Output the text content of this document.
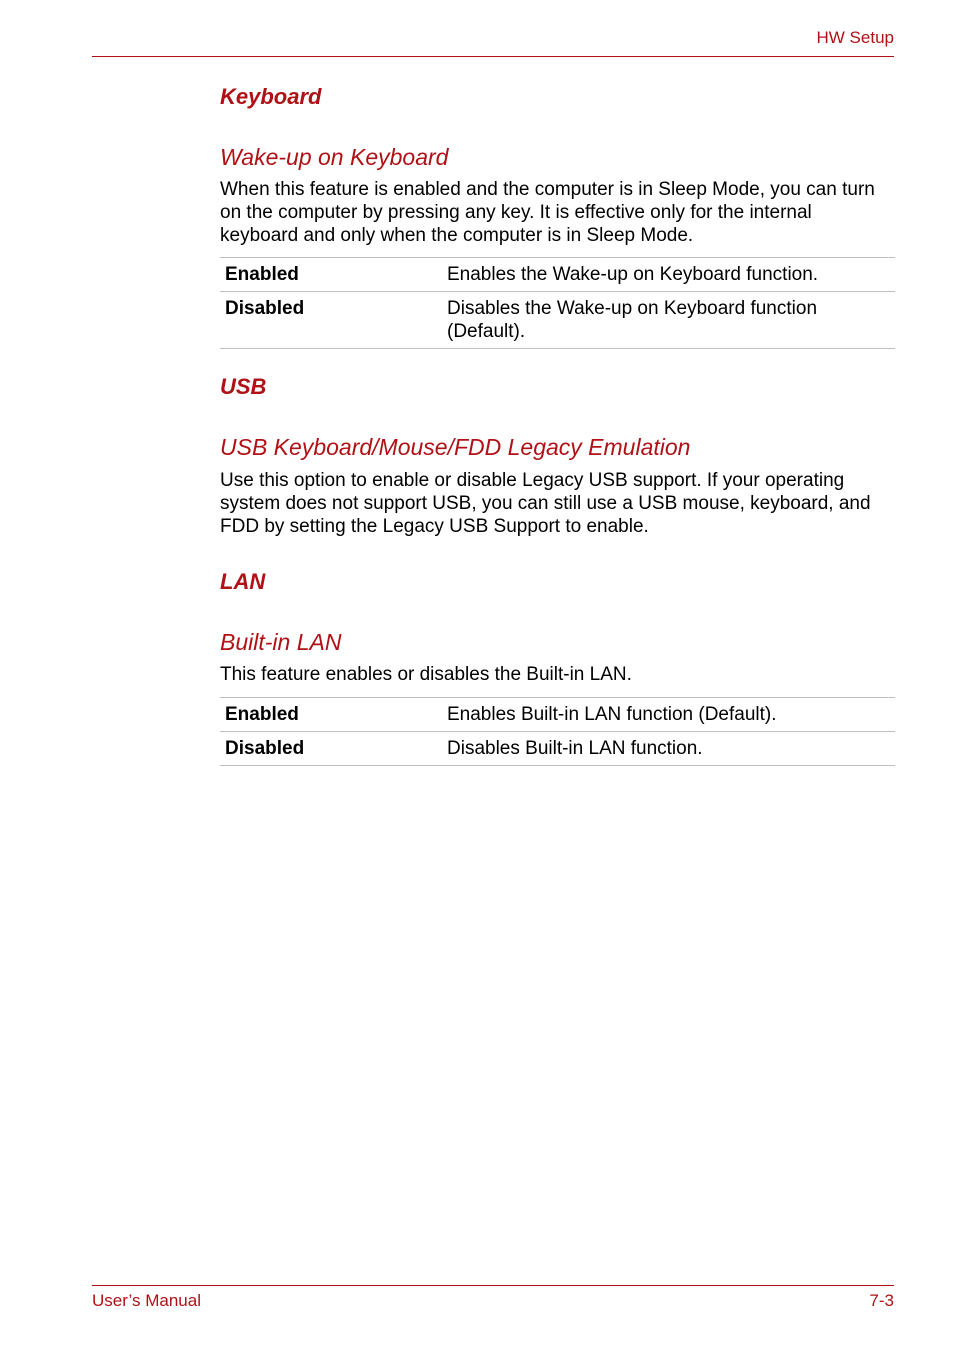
HW Setup
Keyboard
Wake-up on Keyboard
When this feature is enabled and the computer is in Sleep Mode, you can turn on the computer by pressing any key. It is effective only for the internal keyboard and only when the computer is in Sleep Mode.
Enabled	Enables the Wake-up on Keyboard function.
Disabled	Disables the Wake-up on Keyboard function (Default).
USB
USB Keyboard/Mouse/FDD Legacy Emulation
Use this option to enable or disable Legacy USB support. If your operating system does not support USB, you can still use a USB mouse, keyboard, and FDD by setting the Legacy USB Support to enable.
LAN
Built-in LAN
This feature enables or disables the Built-in LAN.
Enabled	Enables Built-in LAN function (Default).
Disabled	Disables Built-in LAN function.
User’s Manual	7-3
